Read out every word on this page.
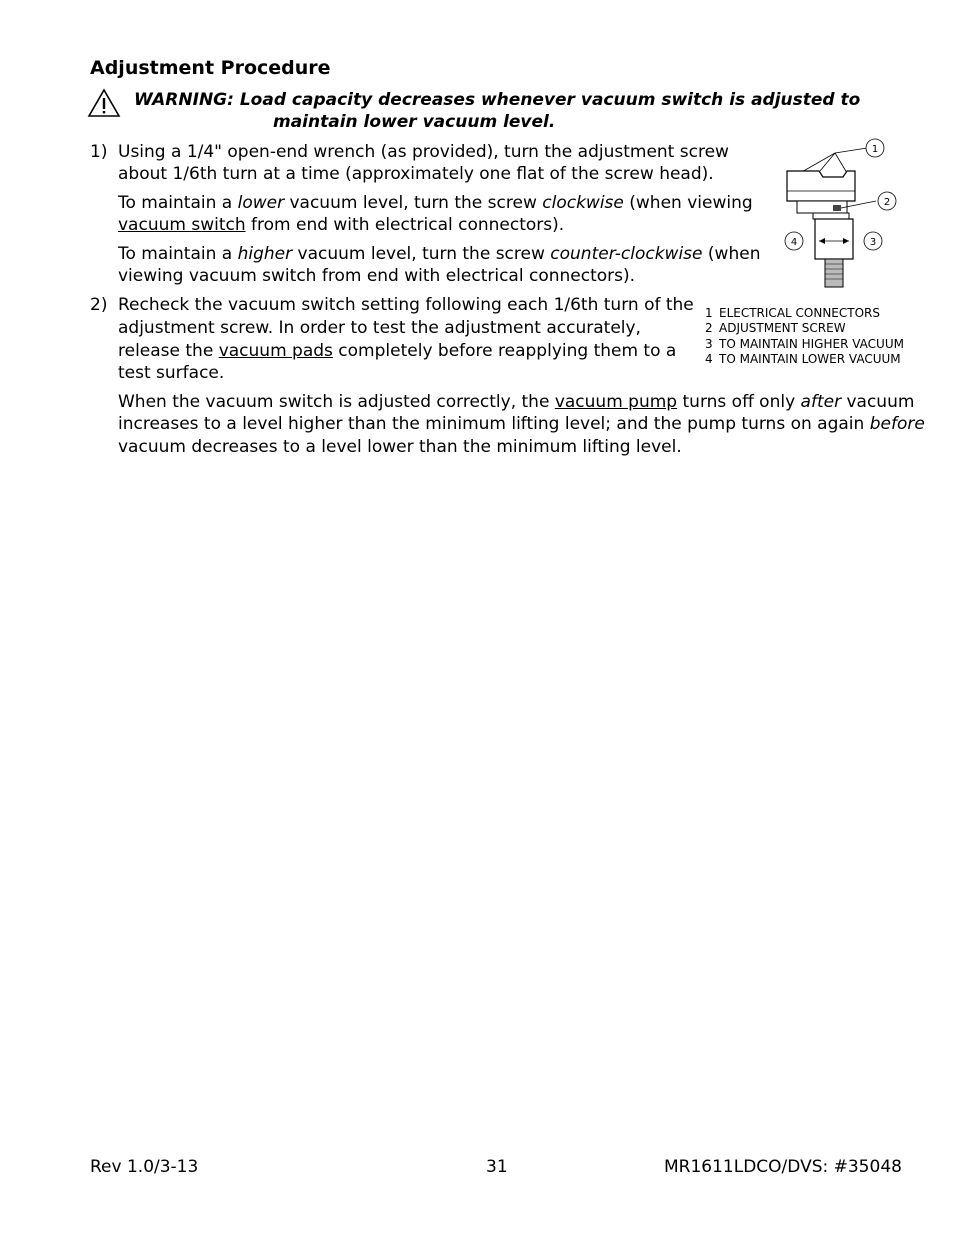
Adjustment Procedure
WARNING: Load capacity decreases whenever vacuum switch is adjusted to
maintain lower vacuum level.
1) Using a 1/4" open-end wrench (as provided), turn the adjustment screw
about 1/6th turn at a time (approximately one flat of the screw head).
To maintain a lower vacuum level, turn the screw clockwise (when viewing
vacuum switch from end with electrical connectors).
To maintain a higher vacuum level, turn the screw counter-clockwise (when
viewing vacuum switch from end with electrical connectors).
2) Recheck the vacuum switch setting following each 1/6th turn of the
adjustment screw. In order to test the adjustment accurately,
release the vacuum pads completely before reapplying them to a
test surface.
When the vacuum switch is adjusted correctly, the vacuum pump turns off only after vacuum
increases to a level higher than the minimum lifting level; and the pump turns on again before
vacuum decreases to a level lower than the minimum lifting level.
1
2
3
4
1 ELECTRICAL CONNECTORS
2 ADJUSTMENT SCREW
3 TO MAINTAIN HIGHER VACUUM
4 TO MAINTAIN LOWER VACUUM
Rev 1.0/3-13	31	MR1611LDCO/DVS: #35048
